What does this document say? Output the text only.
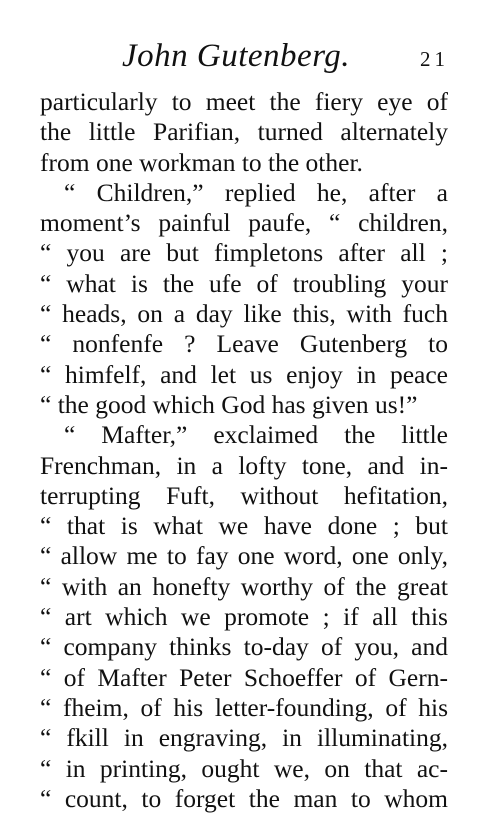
John Gutenberg.	21
particularly to meet the fiery eye of
the little Parifian, turned alternately
from one workman to the other.
“ Children,” replied he, after a
moment’s painful paufe, “ children,
“ you are but fimpletons after all ;
“ what is the ufe of troubling your
“ heads, on a day like this, with fuch
“ nonfenfe ? Leave Gutenberg to
“ himfelf, and let us enjoy in peace
“ the good which God has given us!”
“ Mafter,” exclaimed the little
Frenchman, in a lofty tone, and in-
terrupting Fuft, without hefitation,
“ that is what we have done ; but
“ allow me to fay one word, one only,
“ with an honefty worthy of the great
“ art which we promote ; if all this
“ company thinks to-day of you, and
“ of Mafter Peter Schoeffer of Gern-
“ fheim, of his letter-founding, of his
“ fkill in engraving, in illuminating,
“ in printing, ought we, on that ac-
“ count, to forget the man to whom
